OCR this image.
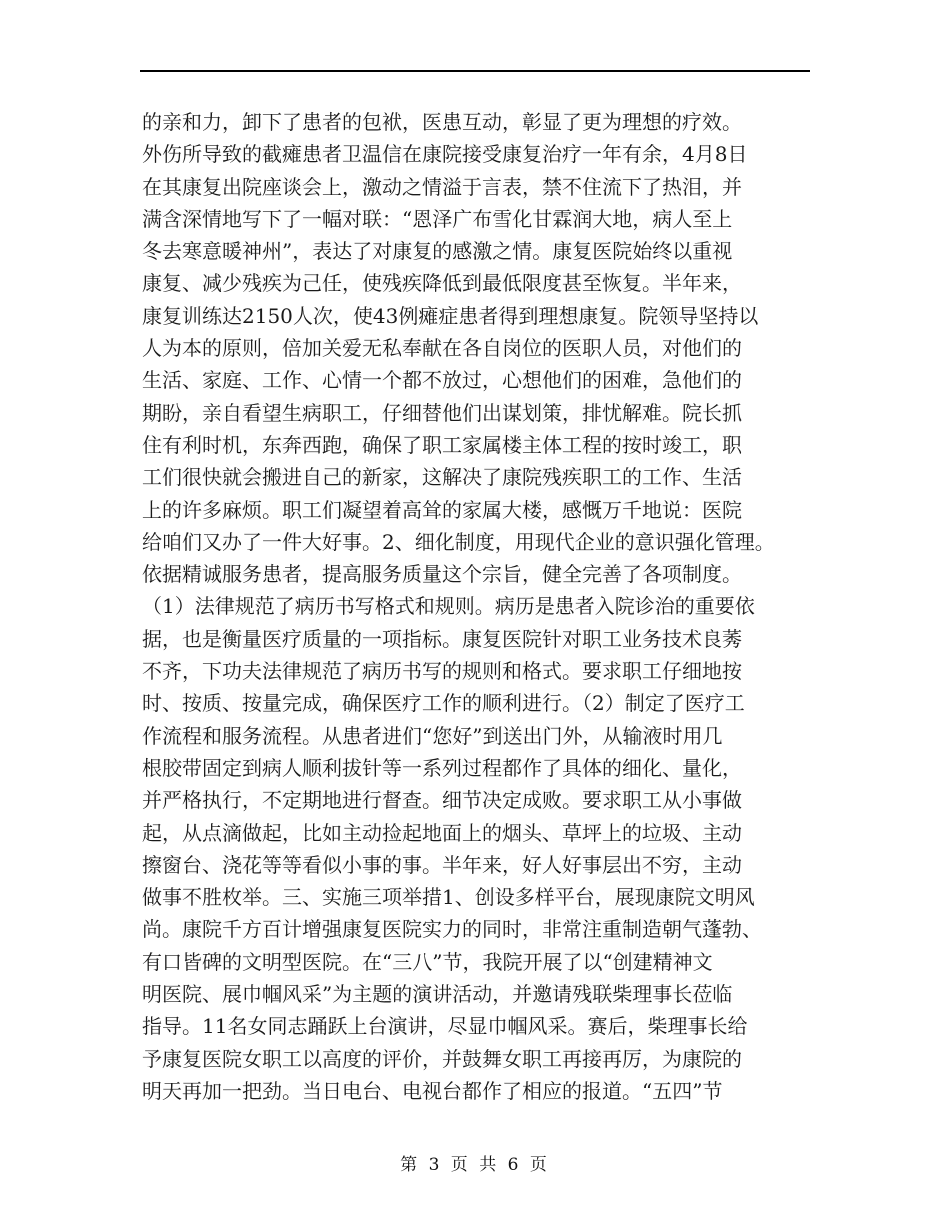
的亲和力，卸下了患者的包袱，医患互动，彰显了更为理想的疗效。
外伤所导致的截瘫患者卫温信在康院接受康复治疗一年有余，4月8日
在其康复出院座谈会上，激动之情溢于言表，禁不住流下了热泪，并
满含深情地写下了一幅对联：“恩泽广布雪化甘霖润大地，病人至上
冬去寒意暖神州”，表达了对康复的感激之情。康复医院始终以重视
康复、减少残疾为己任，使残疾降低到最低限度甚至恢复。半年来，
康复训练达2150人次，使43例瘫症患者得到理想康复。院领导坚持以
人为本的原则，倍加关爱无私奉献在各自岗位的医职人员，对他们的
生活、家庭、工作、心情一个都不放过，心想他们的困难，急他们的
期盼，亲自看望生病职工，仔细替他们出谋划策，排忧解难。院长抓
住有利时机，东奔西跑，确保了职工家属楼主体工程的按时竣工，职
工们很快就会搬进自己的新家，这解决了康院残疾职工的工作、生活
上的许多麻烦。职工们凝望着高耸的家属大楼，感慨万千地说：医院
给咱们又办了一件大好事。2、细化制度，用现代企业的意识强化管理。
依据精诚服务患者，提高服务质量这个宗旨，健全完善了各项制度。
（1）法律规范了病历书写格式和规则。病历是患者入院诊治的重要依
据，也是衡量医疗质量的一项指标。康复医院针对职工业务技术良莠
不齐，下功夫法律规范了病历书写的规则和格式。要求职工仔细地按
时、按质、按量完成，确保医疗工作的顺利进行。（2）制定了医疗工
作流程和服务流程。从患者进们“您好”到送出门外，从输液时用几
根胶带固定到病人顺利拔针等一系列过程都作了具体的细化、量化，
并严格执行，不定期地进行督查。细节决定成败。要求职工从小事做
起，从点滴做起，比如主动捡起地面上的烟头、草坪上的垃圾、主动
擦窗台、浇花等等看似小事的事。半年来，好人好事层出不穷，主动
做事不胜枚举。三、实施三项举措1、创设多样平台，展现康院文明风
尚。康院千方百计增强康复医院实力的同时，非常注重制造朝气蓬勃、
有口皆碑的文明型医院。在“三八”节，我院开展了以“创建精神文
明医院、展巾帼风采”为主题的演讲活动，并邀请残联柴理事长莅临
指导。11名女同志踊跃上台演讲，尽显巾帼风采。赛后，柴理事长给
予康复医院女职工以高度的评价，并鼓舞女职工再接再厉，为康院的
明天再加一把劲。当日电台、电视台都作了相应的报道。“五四”节
第 3 页 共 6 页
